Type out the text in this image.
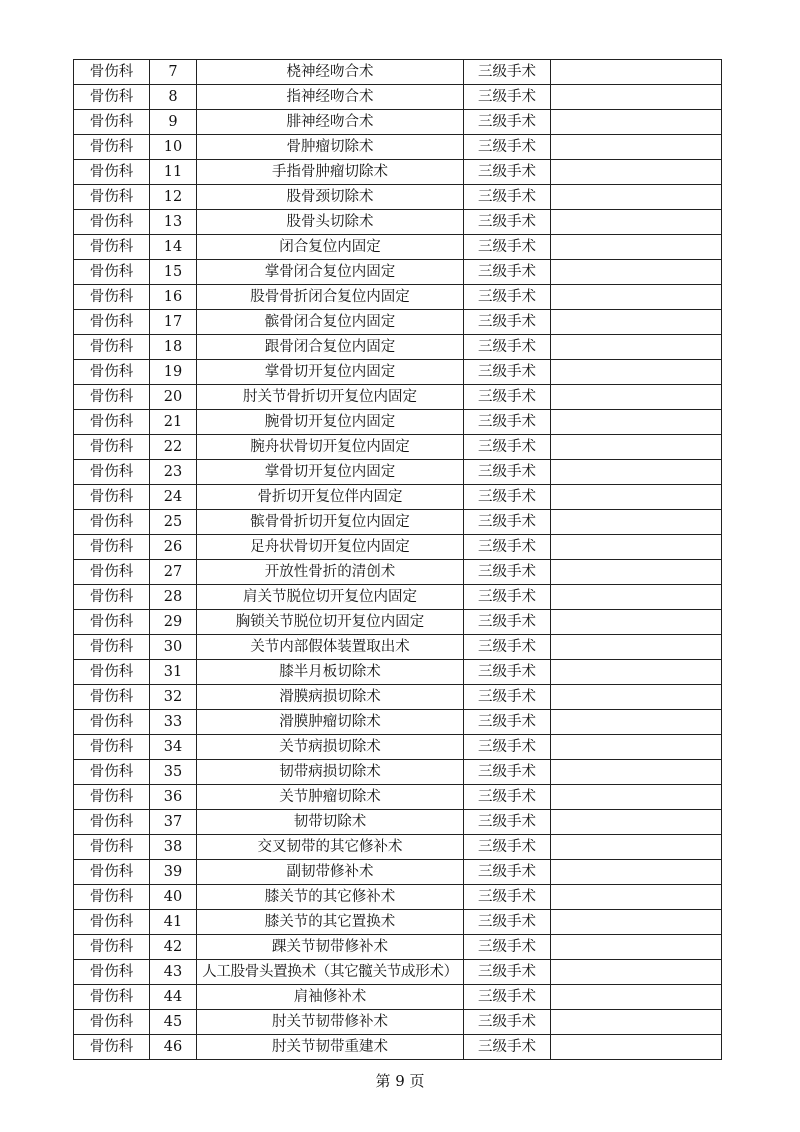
骨伤科	7	桡神经吻合术	三级手术	
骨伤科	8	指神经吻合术	三级手术	
骨伤科	9	腓神经吻合术	三级手术	
骨伤科	10	骨肿瘤切除术	三级手术	
骨伤科	11	手指骨肿瘤切除术	三级手术	
骨伤科	12	股骨颈切除术	三级手术	
骨伤科	13	股骨头切除术	三级手术	
骨伤科	14	闭合复位内固定	三级手术	
骨伤科	15	掌骨闭合复位内固定	三级手术	
骨伤科	16	股骨骨折闭合复位内固定	三级手术	
骨伤科	17	髌骨闭合复位内固定	三级手术	
骨伤科	18	跟骨闭合复位内固定	三级手术	
骨伤科	19	掌骨切开复位内固定	三级手术	
骨伤科	20	肘关节骨折切开复位内固定	三级手术	
骨伤科	21	腕骨切开复位内固定	三级手术	
骨伤科	22	腕舟状骨切开复位内固定	三级手术	
骨伤科	23	掌骨切开复位内固定	三级手术	
骨伤科	24	骨折切开复位伴内固定	三级手术	
骨伤科	25	髌骨骨折切开复位内固定	三级手术	
骨伤科	26	足舟状骨切开复位内固定	三级手术	
骨伤科	27	开放性骨折的清创术	三级手术	
骨伤科	28	肩关节脱位切开复位内固定	三级手术	
骨伤科	29	胸锁关节脱位切开复位内固定	三级手术	
骨伤科	30	关节内部假体装置取出术	三级手术	
骨伤科	31	膝半月板切除术	三级手术	
骨伤科	32	滑膜病损切除术	三级手术	
骨伤科	33	滑膜肿瘤切除术	三级手术	
骨伤科	34	关节病损切除术	三级手术	
骨伤科	35	韧带病损切除术	三级手术	
骨伤科	36	关节肿瘤切除术	三级手术	
骨伤科	37	韧带切除术	三级手术	
骨伤科	38	交叉韧带的其它修补术	三级手术	
骨伤科	39	副韧带修补术	三级手术	
骨伤科	40	膝关节的其它修补术	三级手术	
骨伤科	41	膝关节的其它置换术	三级手术	
骨伤科	42	踝关节韧带修补术	三级手术	
骨伤科	43	人工股骨头置换术（其它髋关节成形术）	三级手术	
骨伤科	44	肩袖修补术	三级手术	
骨伤科	45	肘关节韧带修补术	三级手术	
骨伤科	46	肘关节韧带重建术	三级手术	
第 9 页
